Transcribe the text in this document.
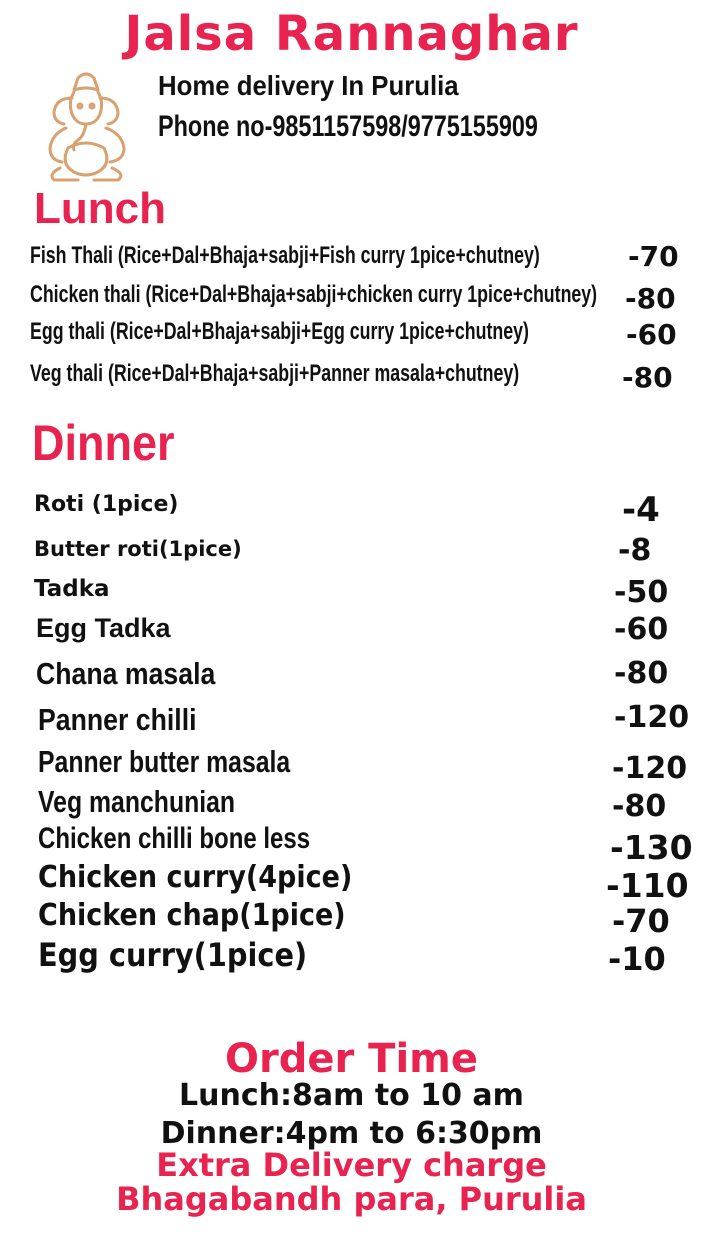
Jalsa Rannaghar
Home delivery In Purulia
Phone no-9851157598/9775155909
Lunch
Fish Thali (Rice+Dal+Bhaja+sabji+Fish curry 1pice+chutney)	-70
Chicken thali (Rice+Dal+Bhaja+sabji+chicken curry 1pice+chutney) -80
Egg thali (Rice+Dal+Bhaja+sabji+Egg curry 1pice+chutney)	-60
Veg thali (Rice+Dal+Bhaja+sabji+Panner masala+chutney)	-80
Dinner
Roti (1pice)	-4
Butter roti(1pice)	-8
Tadka	-50
Egg Tadka	-60
Chana masala	-80
Panner chilli	-120
Panner butter masala	-120
Veg manchunian	-80
Chicken chilli bone less	-130
Chicken curry(4pice)	-110
Chicken chap(1pice)	-70
Egg curry(1pice)	-10
Order Time
Lunch:8am to 10 am
Dinner:4pm to 6:30pm
Extra Delivery charge
Bhagabandh para, Purulia
